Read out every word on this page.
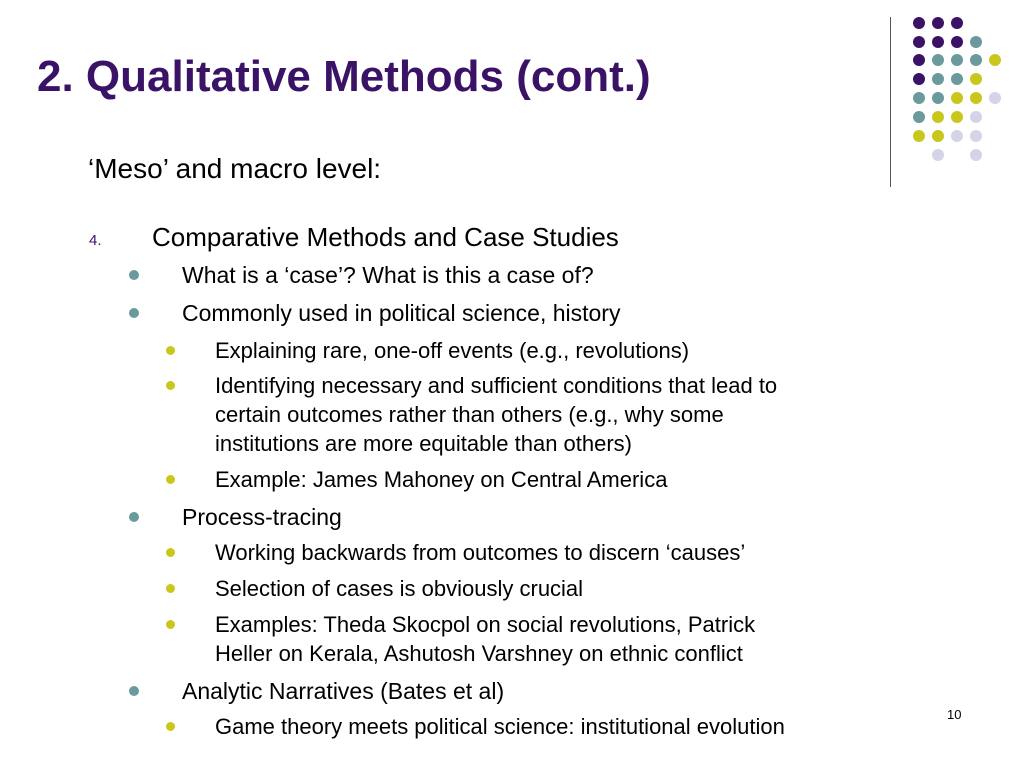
2. Qualitative Methods (cont.)
‘Meso’ and macro level:
4. Comparative Methods and Case Studies
What is a ‘case’? What is this a case of?
Commonly used in political science, history
Explaining rare, one-off events (e.g., revolutions)
Identifying necessary and sufficient conditions that lead to
certain outcomes rather than others (e.g., why some
institutions are more equitable than others)
Example: James Mahoney on Central America
Process-tracing
Working backwards from outcomes to discern ‘causes’
Selection of cases is obviously crucial
Examples: Theda Skocpol on social revolutions, Patrick
Heller on Kerala, Ashutosh Varshney on ethnic conflict
Analytic Narratives (Bates et al)
Game theory meets political science: institutional evolution	10
